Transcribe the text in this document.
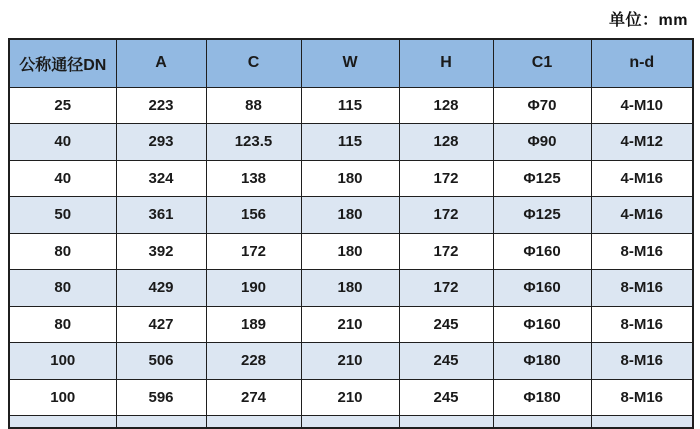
单位：mm
公称通径DN	A	C	W	H	C1	n-d
25	223	88	115	128	Φ70	4-M10
40	293	123.5	115	128	Φ90	4-M12
40	324	138	180	172	Φ125	4-M16
50	361	156	180	172	Φ125	4-M16
80	392	172	180	172	Φ160	8-M16
80	429	190	180	172	Φ160	8-M16
80	427	189	210	245	Φ160	8-M16
100	506	228	210	245	Φ180	8-M16
100	596	274	210	245	Φ180	8-M16
